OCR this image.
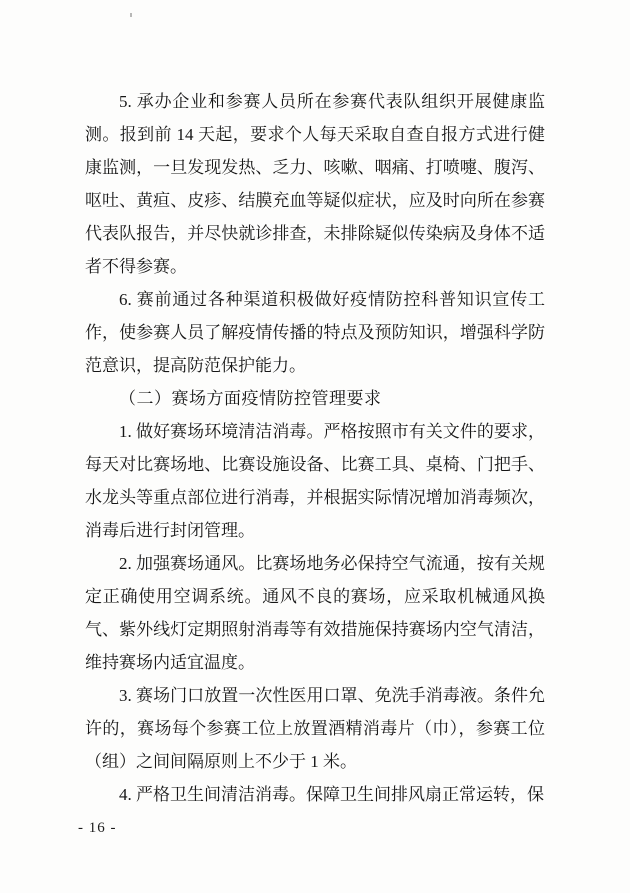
5. 承办企业和参赛人员所在参赛代表队组织开展健康监测。报到前 14 天起，要求个人每天采取自查自报方式进行健康监测，一旦发现发热、乏力、咳嗽、咽痛、打喷嚏、腹泻、呕吐、黄疸、皮疹、结膜充血等疑似症状，应及时向所在参赛代表队报告，并尽快就诊排查，未排除疑似传染病及身体不适者不得参赛。

6. 赛前通过各种渠道积极做好疫情防控科普知识宣传工作，使参赛人员了解疫情传播的特点及预防知识，增强科学防范意识，提高防范保护能力。

（二）赛场方面疫情防控管理要求

1. 做好赛场环境清洁消毒。严格按照市有关文件的要求，每天对比赛场地、比赛设施设备、比赛工具、桌椅、门把手、水龙头等重点部位进行消毒，并根据实际情况增加消毒频次，消毒后进行封闭管理。

2. 加强赛场通风。比赛场地务必保持空气流通，按有关规定正确使用空调系统。通风不良的赛场，应采取机械通风换气、紫外线灯定期照射消毒等有效措施保持赛场内空气清洁，维持赛场内适宜温度。

3. 赛场门口放置一次性医用口罩、免洗手消毒液。条件允许的，赛场每个参赛工位上放置酒精消毒片（巾），参赛工位（组）之间间隔原则上不少于 1 米。

4. 严格卫生间清洁消毒。保障卫生间排风扇正常运转，保

- 16 -
